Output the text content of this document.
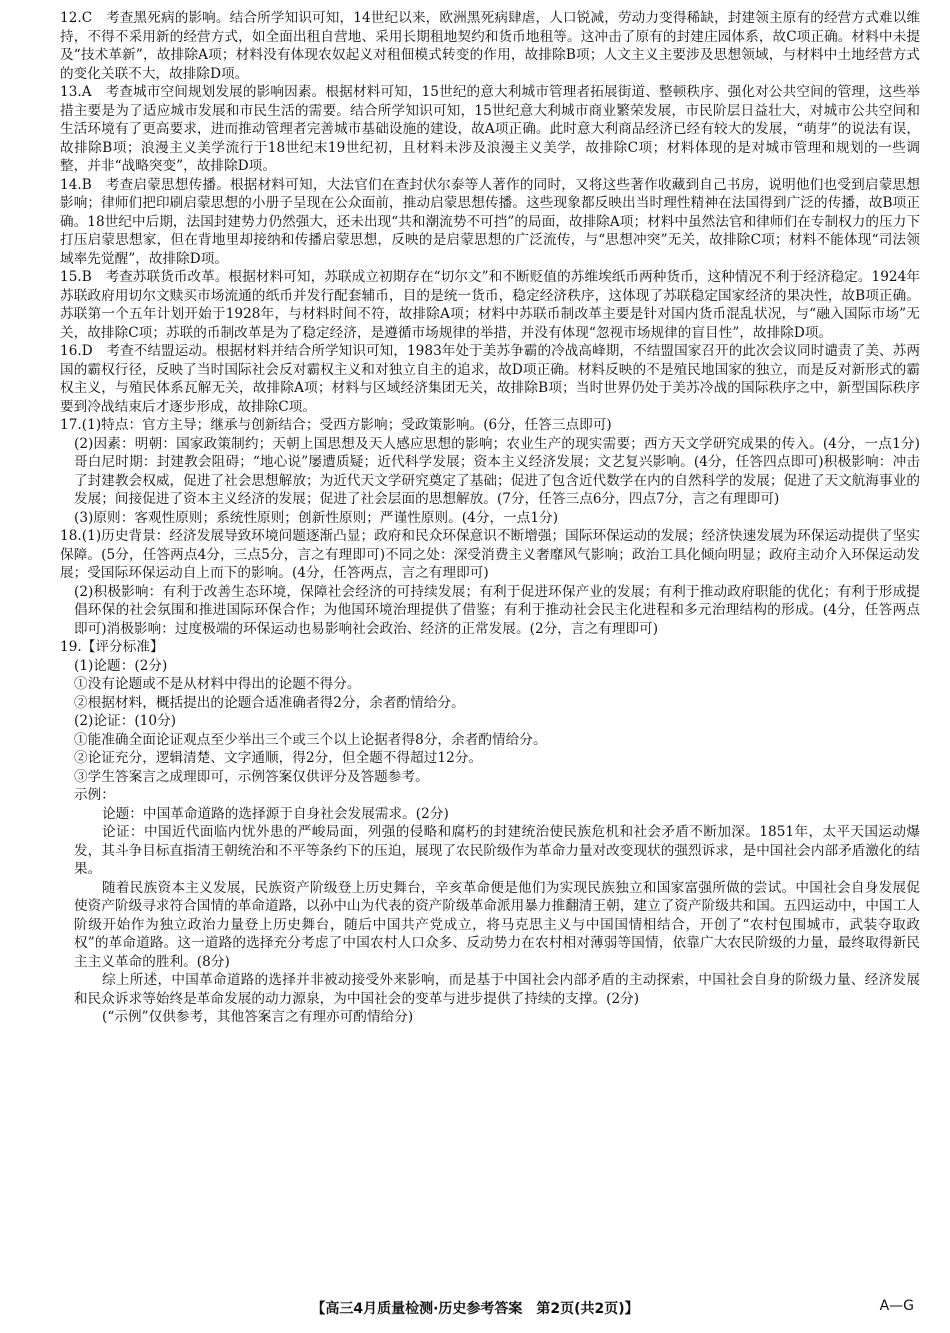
12.C　考查黑死病的影响。结合所学知识可知，14世纪以来，欧洲黑死病肆虐，人口锐减，劳动力变得稀缺，封建领主原有的经营方式难以维持，不得不采用新的经营方式，如全面出租自营地、采用长期租地契约和货币地租等。这冲击了原有的封建庄园体系，故C项正确。材料中未提及“技术革新”，故排除A项；材料没有体现农奴起义对租佃模式转变的作用，故排除B项；人文主义主要涉及思想领域，与材料中土地经营方式的变化关联不大，故排除D项。

13.A　考查城市空间规划发展的影响因素。根据材料可知，15世纪的意大利城市管理者拓展街道、整顿秩序、强化对公共空间的管理，这些举措主要是为了适应城市发展和市民生活的需要。结合所学知识可知，15世纪意大利城市商业繁荣发展，市民阶层日益壮大，对城市公共空间和生活环境有了更高要求，进而推动管理者完善城市基础设施的建设，故A项正确。此时意大利商品经济已经有较大的发展，“萌芽”的说法有误，故排除B项；浪漫主义美学流行于18世纪末19世纪初，且材料未涉及浪漫主义美学，故排除C项；材料体现的是对城市管理和规划的一些调整，并非“战略突变”，故排除D项。

14.B　考查启蒙思想传播。根据材料可知，大法官们在查封伏尔泰等人著作的同时，又将这些著作收藏到自己书房，说明他们也受到启蒙思想影响；律师们把印刷启蒙思想的小册子呈现在公众面前，推动启蒙思想传播。这些现象都反映出当时理性精神在法国得到广泛的传播，故B项正确。18世纪中后期，法国封建势力仍然强大，还未出现“共和潮流势不可挡”的局面，故排除A项；材料中虽然法官和律师们在专制权力的压力下打压启蒙思想家，但在背地里却接纳和传播启蒙思想，反映的是启蒙思想的广泛流传，与“思想冲突”无关，故排除C项；材料不能体现“司法领域率先觉醒”，故排除D项。

15.B　考查苏联货币改革。根据材料可知，苏联成立初期存在“切尔文”和不断贬值的苏维埃纸币两种货币，这种情况不利于经济稳定。1924年苏联政府用切尔文赎买市场流通的纸币并发行配套辅币，目的是统一货币，稳定经济秩序，这体现了苏联稳定国家经济的果决性，故B项正确。苏联第一个五年计划开始于1928年，与材料时间不符，故排除A项；材料中苏联币制改革主要是针对国内货币混乱状况，与“融入国际市场”无关，故排除C项；苏联的币制改革是为了稳定经济，是遵循市场规律的举措，并没有体现“忽视市场规律的盲目性”，故排除D项。

16.D　考查不结盟运动。根据材料并结合所学知识可知，1983年处于美苏争霸的冷战高峰期，不结盟国家召开的此次会议同时谴责了美、苏两国的霸权行径，反映了当时国际社会反对霸权主义和对独立自主的追求，故D项正确。材料反映的不是殖民地国家的独立，而是反对新形式的霸权主义，与殖民体系瓦解无关，故排除A项；材料与区域经济集团无关，故排除B项；当时世界仍处于美苏冷战的国际秩序之中，新型国际秩序要到冷战结束后才逐步形成，故排除C项。

17.(1)特点：官方主导；继承与创新结合；受西方影响；受政策影响。(6分，任答三点即可)

(2)因素：明朝：国家政策制约；天朝上国思想及天人感应思想的影响；农业生产的现实需要；西方天文学研究成果的传入。(4分，一点1分)哥白尼时期：封建教会阻碍；“地心说”屡遭质疑；近代科学发展；资本主义经济发展；文艺复兴影响。(4分，任答四点即可)积极影响：冲击了封建教会权威，促进了社会思想解放；为近代天文学研究奠定了基础；促进了包含近代数学在内的自然科学的发展；促进了天文航海事业的发展；间接促进了资本主义经济的发展；促进了社会层面的思想解放。(7分，任答三点6分，四点7分，言之有理即可)

(3)原则：客观性原则；系统性原则；创新性原则；严谨性原则。(4分，一点1分)

18.(1)历史背景：经济发展导致环境问题逐渐凸显；政府和民众环保意识不断增强；国际环保运动的发展；经济快速发展为环保运动提供了坚实保障。(5分，任答两点4分，三点5分，言之有理即可)不同之处：深受消费主义奢靡风气影响；政治工具化倾向明显；政府主动介入环保运动发展；受国际环保运动自上而下的影响。(4分，任答两点，言之有理即可)

(2)积极影响：有利于改善生态环境，保障社会经济的可持续发展；有利于促进环保产业的发展；有利于推动政府职能的优化；有利于形成提倡环保的社会氛围和推进国际环保合作；为他国环境治理提供了借鉴；有利于推动社会民主化进程和多元治理结构的形成。(4分，任答两点即可)消极影响：过度极端的环保运动也易影响社会政治、经济的正常发展。(2分，言之有理即可)

19.【评分标准】

(1)论题：(2分)

①没有论题或不是从材料中得出的论题不得分。

②根据材料，概括提出的论题合适准确者得2分，余者酌情给分。

(2)论证：(10分)

①能准确全面论证观点至少举出三个或三个以上论据者得8分，余者酌情给分。

②论证充分，逻辑清楚、文字通顺，得2分，但全题不得超过12分。

③学生答案言之成理即可，示例答案仅供评分及答题参考。

示例：

论题：中国革命道路的选择源于自身社会发展需求。(2分)

论证：中国近代面临内忧外患的严峻局面，列强的侵略和腐朽的封建统治使民族危机和社会矛盾不断加深。1851年，太平天国运动爆发，其斗争目标直指清王朝统治和不平等条约下的压迫，展现了农民阶级作为革命力量对改变现状的强烈诉求，是中国社会内部矛盾激化的结果。

随着民族资本主义发展，民族资产阶级登上历史舞台，辛亥革命便是他们为实现民族独立和国家富强所做的尝试。中国社会自身发展促使资产阶级寻求符合国情的革命道路，以孙中山为代表的资产阶级革命派用暴力推翻清王朝，建立了资产阶级共和国。五四运动中，中国工人阶级开始作为独立政治力量登上历史舞台，随后中国共产党成立，将马克思主义与中国国情相结合，开创了“农村包围城市，武装夺取政权”的革命道路。这一道路的选择充分考虑了中国农村人口众多、反动势力在农村相对薄弱等国情，依靠广大农民阶级的力量，最终取得新民主主义革命的胜利。(8分)

综上所述，中国革命道路的选择并非被动接受外来影响，而是基于中国社会内部矛盾的主动探索，中国社会自身的阶级力量、经济发展和民众诉求等始终是革命发展的动力源泉，为中国社会的变革与进步提供了持续的支撑。(2分)

(“示例”仅供参考，其他答案言之有理亦可酌情给分)

【高三4月质量检测·历史参考答案　第2页(共2页)】	A—G
